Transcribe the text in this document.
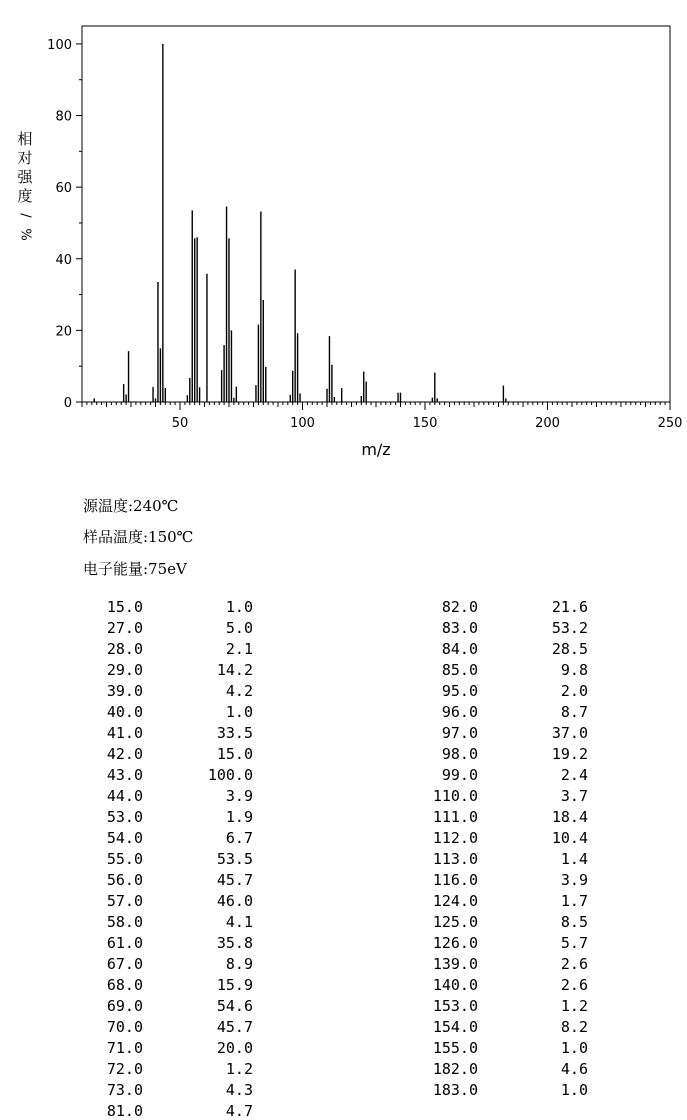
0
20
40
60
80
100
50	100	150	200	250
m/z
相
对
强
度
/
%
源温度:240℃
样品温度:150℃
电子能量:75eV
15.0	1.0
27.0	5.0
28.0	2.1
29.0	14.2
39.0	4.2
40.0	1.0
41.0	33.5
42.0	15.0
43.0	100.0
44.0	3.9
53.0	1.9
54.0	6.7
55.0	53.5
56.0	45.7
57.0	46.0
58.0	4.1
61.0	35.8
67.0	8.9
68.0	15.9
69.0	54.6
70.0	45.7
71.0	20.0
72.0	1.2
73.0	4.3
81.0	4.7
82.0	21.6
83.0	53.2
84.0	28.5
85.0	9.8
95.0	2.0
96.0	8.7
97.0	37.0
98.0	19.2
99.0	2.4
110.0	3.7
111.0	18.4
112.0	10.4
113.0	1.4
116.0	3.9
124.0	1.7
125.0	8.5
126.0	5.7
139.0	2.6
140.0	2.6
153.0	1.2
154.0	8.2
155.0	1.0
182.0	4.6
183.0	1.0
